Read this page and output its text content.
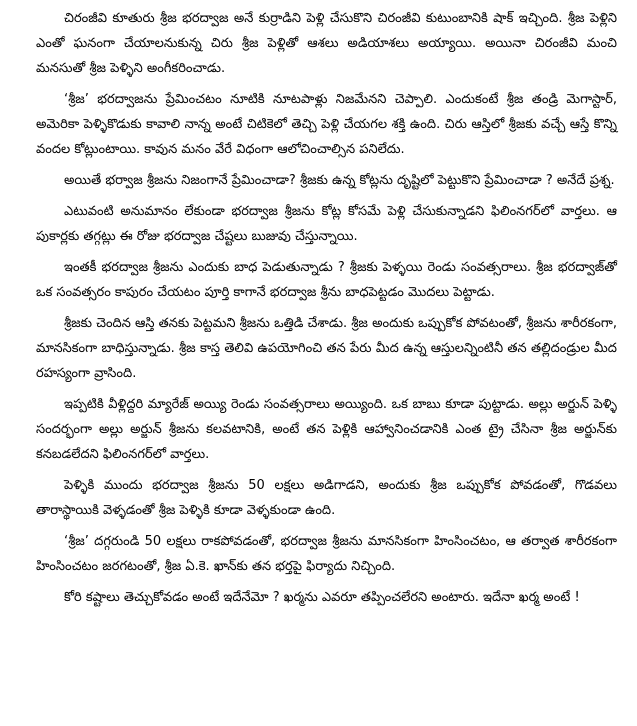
చిరంజీవి కూతురు శ్రీజ భరద్వాజ అనే కుర్రాడిని పెళ్లి చేసుకొని చిరంజీవి కుటుంబానికి షాక్ ఇచ్చింది. శ్రీజ పెళ్లిని ఎంతో ఘనంగా చేయాలనుకున్న చిరు శ్రీజ పెళ్లితో ఆశలు అడియాశలు అయ్యాయి. అయినా చిరంజీవి మంచి మనసుతో శ్రీజ పెళ్ళిని అంగీకరించాడు.

‘శ్రీజ’ భరద్వాజను ప్రేమించటం నూటికి నూటపాళ్లు నిజమేనని చెప్పాలి. ఎందుకంటే శ్రీజ తండ్రి మెగాస్టార్, అమెరికా పెళ్ళికొడుకు కావాలి నాన్న అంటే చిటికెలో తెచ్చి పెళ్లి చేయగల శక్తి ఉంది. చిరు ఆస్తిలో శ్రీజకు వచ్చే ఆస్తే కొన్ని వందల కోట్లుంటాయి. కావున మనం వేరే విధంగా ఆలోచించాల్సిన పనిలేదు.

అయితే భర్వాజ శ్రీజను నిజంగానే ప్రేమించాడా? శ్రీజకు ఉన్న కోట్లను దృష్టిలో పెట్టుకొని ప్రేమించాడా ? అనేదే ప్రశ్న.

ఎటువంటి అనుమానం లేకుండా భరద్వాజ శ్రీజను కోట్ల కోసమే పెళ్లి చేసుకున్నాడని ఫిలింనగర్‌లో వార్తలు. ఆ పుకార్లకు తగ్గట్లు ఈ రోజు భరద్వాజ చేష్టలు బుజువు చేస్తున్నాయి.

ఇంతకీ భరద్వాజ శ్రీజను ఎందుకు బాధ పెడుతున్నాడు ? శ్రీజకు పెళ్ళయి రెండు సంవత్సరాలు. శ్రీజ భరద్వాజ్‌తో ఒక సంవత్సరం కాపురం చేయటం పూర్తి కాగానే భరద్వాజ శ్రీను బాధపెట్టడం మొదలు పెట్టాడు.

శ్రీజకు చెందిన ఆస్తి తనకు పెట్టమని శ్రీజను ఒత్తిడి చేశాడు. శ్రీజ అందుకు ఒప్పుకోక పోవటంతో, శ్రీజను శారీరకంగా, మానసికంగా బాధిస్తున్నాడు. శ్రీజ కాస్త తెలివి ఉపయోగించి తన పేరు మీద ఉన్న ఆస్తులన్నింటినీ తన తల్లిదండ్రుల మీద రహస్యంగా వ్రాసింది.

ఇప్పటికి వీళ్లిద్దరి మ్యారేజ్ అయ్యి రెండు సంవత్సరాలు అయ్యింది. ఒక బాబు కూడా పుట్టాడు. అల్లు అర్జున్ పెళ్ళి సందర్భంగా అల్లు అర్జున్ శ్రీజను కలవటానికి, అంటే తన పెళ్లికి ఆహ్వానించడానికి ఎంత ట్రై చేసినా శ్రీజ అర్జున్‌కు కనబడలేదని ఫిలింనగర్‌లో వార్తలు.

పెళ్ళికి ముందు భరద్వాజ శ్రీజను 50 లక్షలు అడిగాడని, అందుకు శ్రీజ ఒప్పుకోక పోవడంతో, గొడవలు తారాస్థాయికి వెళ్ళడంతో శ్రీజ పెళ్ళికి కూడా వెళ్ళకుండా ఉంది.

‘శ్రీజ’ దగ్గరుండి 50 లక్షలు రాకపోవడంతో, భరద్వాజ శ్రీజను మానసికంగా హింసించటం, ఆ తర్వాత శారీరకంగా హింసించటం జరగటంతో, శ్రీజ ఏ.కె. ఖాన్‌కు తన భర్తపై ఫిర్యాదు నిచ్చింది.

కోరి కష్టాలు తెచ్చుకోవడం అంటే ఇదేనేమో ? ఖర్మను ఎవరూ తప్పించలేరని అంటారు. ఇదేనా ఖర్మ అంటే !
